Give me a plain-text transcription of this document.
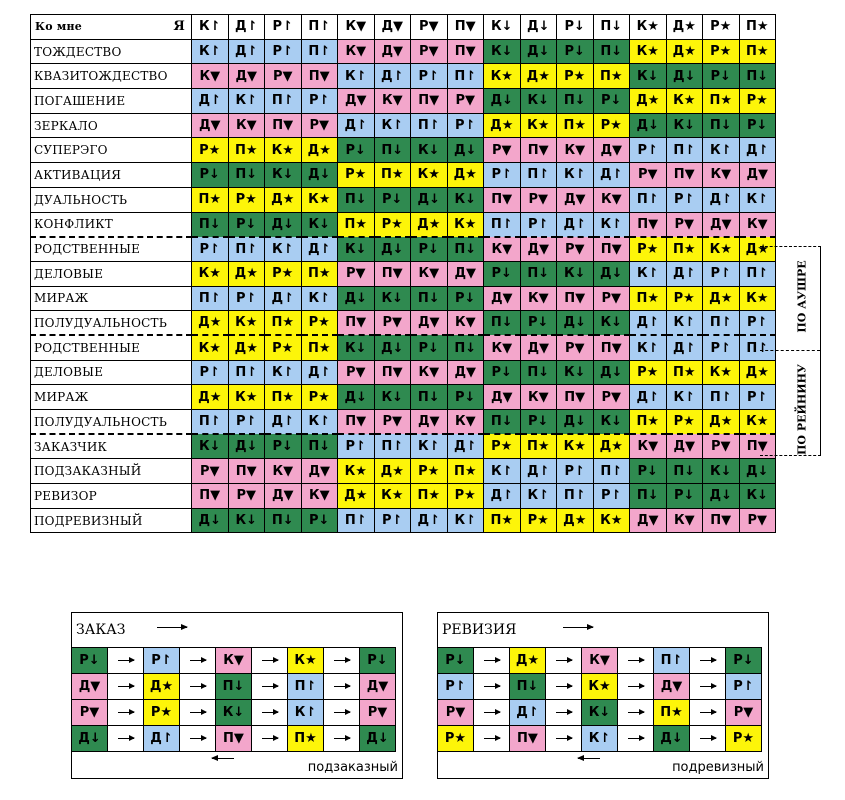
Ко мне Я	К↾	Д↾	Р↾	П↾	К▼	Д▼	Р▼	П▼	К↓	Д↓	Р↓	П↓	К★	Д★	Р★	П★
ТОЖДЕСТВО	К↾	Д↾	Р↾	П↾	К▼	Д▼	Р▼	П▼	К↓	Д↓	Р↓	П↓	К★	Д★	Р★	П★
КВАЗИТОЖДЕСТВО	К▼	Д▼	Р▼	П▼	К↾	Д↾	Р↾	П↾	К★	Д★	Р★	П★	К↓	Д↓	Р↓	П↓
ПОГАШЕНИЕ	Д↾	К↾	П↾	Р↾	Д▼	К▼	П▼	Р▼	Д↓	К↓	П↓	Р↓	Д★	К★	П★	Р★
ЗЕРКАЛО	Д▼	К▼	П▼	Р▼	Д↾	К↾	П↾	Р↾	Д★	К★	П★	Р★	Д↓	К↓	П↓	Р↓
СУПЕРЭГО	Р★	П★	К★	Д★	Р↓	П↓	К↓	Д↓	Р▼	П▼	К▼	Д▼	Р↾	П↾	К↾	Д↾
АКТИВАЦИЯ	Р↓	П↓	К↓	Д↓	Р★	П★	К★	Д★	Р↾	П↾	К↾	Д↾	Р▼	П▼	К▼	Д▼
ДУАЛЬНОСТЬ	П★	Р★	Д★	К★	П↓	Р↓	Д↓	К↓	П▼	Р▼	Д▼	К▼	П↾	Р↾	Д↾	К↾
КОНФЛИКТ	П↓	Р↓	Д↓	К↓	П★	Р★	Д★	К★	П↾	Р↾	Д↾	К↾	П▼	Р▼	Д▼	К▼
РОДСТВЕННЫЕ	Р↾	П↾	К↾	Д↾	К↓	Д↓	Р↓	П↓	К▼	Д▼	Р▼	П▼	Р★	П★	К★	Д★
ДЕЛОВЫЕ	К★	Д★	Р★	П★	Р▼	П▼	К▼	Д▼	Р↓	П↓	К↓	Д↓	К↾	Д↾	Р↾	П↾
МИРАЖ	П↾	Р↾	Д↾	К↾	Д↓	К↓	П↓	Р↓	Д▼	К▼	П▼	Р▼	П★	Р★	Д★	К★
ПОЛУДУАЛЬНОСТЬ	Д★	К★	П★	Р★	П▼	Р▼	Д▼	К▼	П↓	Р↓	Д↓	К↓	Д↾	К↾	П↾	Р↾
РОДСТВЕННЫЕ	К★	Д★	Р★	П★	К↓	Д↓	Р↓	П↓	К▼	Д▼	Р▼	П▼	К↾	Д↾	Р↾	П↾
ДЕЛОВЫЕ	Р↾	П↾	К↾	Д↾	Р▼	П▼	К▼	Д▼	Р↓	П↓	К↓	Д↓	Р★	П★	К★	Д★
МИРАЖ	Д★	К★	П★	Р★	Д↓	К↓	П↓	Р↓	Д▼	К▼	П▼	Р▼	Д↾	К↾	П↾	Р↾
ПОЛУДУАЛЬНОСТЬ	П↾	Р↾	Д↾	К↾	П▼	Р▼	Д▼	К▼	П↓	Р↓	Д↓	К↓	П★	Р★	Д★	К★
ЗАКАЗЧИК	К↓	Д↓	Р↓	П↓	Р↾	П↾	К↾	Д↾	Р★	П★	К★	Д★	К▼	Д▼	Р▼	П▼
ПОДЗАКАЗНЫЙ	Р▼	П▼	К▼	Д▼	К★	Д★	Р★	П★	К↾	Д↾	Р↾	П↾	Р↓	П↓	К↓	Д↓
РЕВИЗОР	П▼	Р▼	Д▼	К▼	Д★	К★	П★	Р★	Д↾	К↾	П↾	Р↾	П↓	Р↓	Д↓	К↓
ПОДРЕВИЗНЫЙ	Д↓	К↓	П↓	Р↓	П↾	Р↾	Д↾	К↾	П★	Р★	Д★	К★	Д▼	К▼	П▼	Р▼
ПО АУШРЕ
ПО РЕЙНИНУ
ЗАКАЗ
Р↓		Р↾		К▼		К★		Р↓
Д▼		Д★		П↓		П↾		Д▼
Р▼		Р★		К↓		К↾		Р▼
Д↓		Д↾		П▼		П★		Д↓
подзаказный
РЕВИЗИЯ
Р↓		Д★		К▼		П↾		Р↓
Р↾		П↓		К★		Д▼		Р↾
Р▼		Д↾		К↓		П★		Р▼
Р★		П▼		К↾		Д↓		Р★
подревизный
